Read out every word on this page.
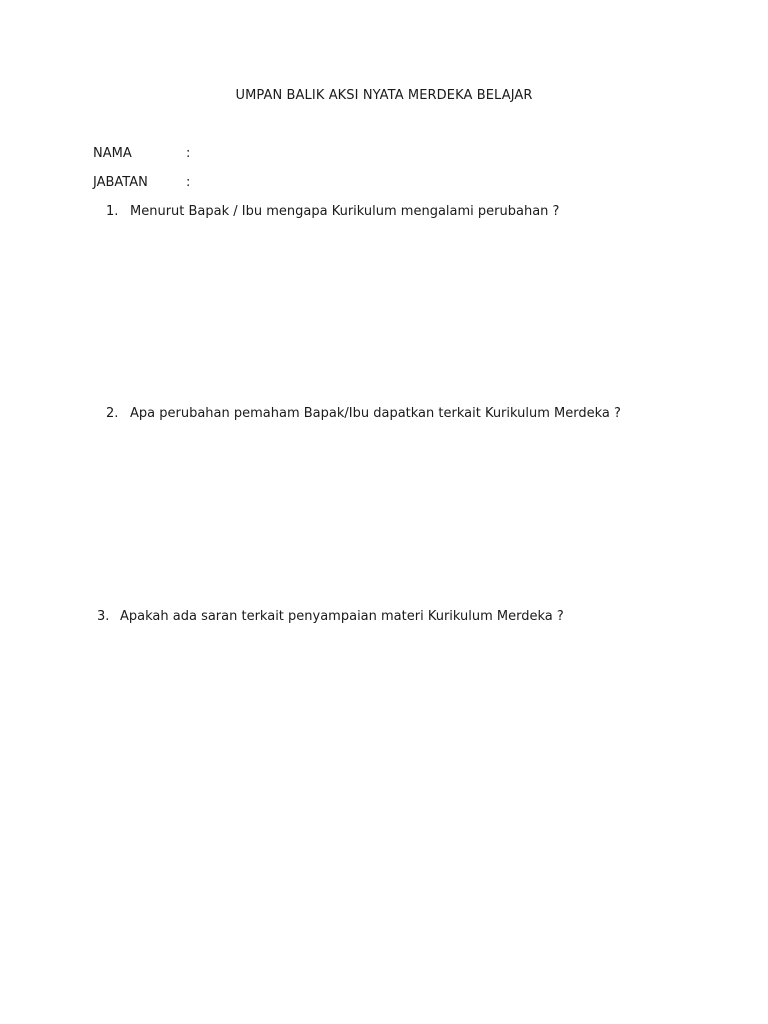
UMPAN BALIK AKSI NYATA MERDEKA BELAJAR
NAMA	:
JABATAN	:
1. Menurut Bapak / Ibu mengapa Kurikulum mengalami perubahan ?
2. Apa perubahan pemaham Bapak/Ibu dapatkan terkait Kurikulum Merdeka ?
3. Apakah ada saran terkait penyampaian materi Kurikulum Merdeka ?
